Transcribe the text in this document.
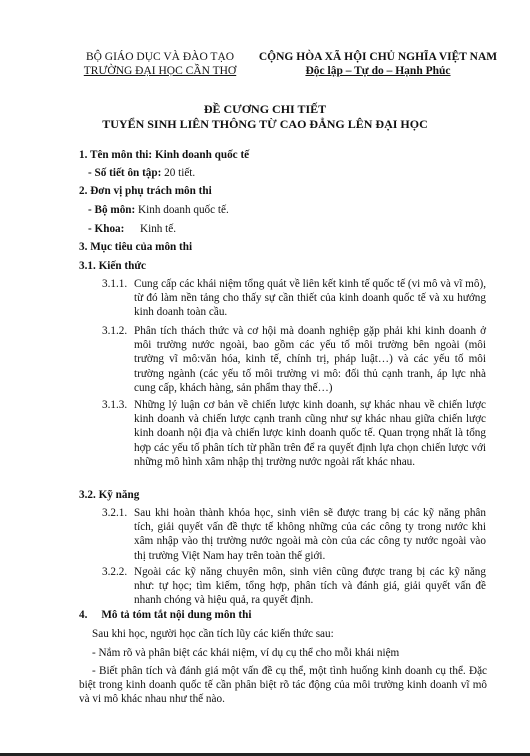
BỘ GIÁO DỤC VÀ ĐÀO TẠO
TRƯỜNG ĐẠI HỌC CẦN THƠ
CỘNG HÒA XÃ HỘI CHỦ NGHĨA VIỆT NAM
Độc lập – Tự do – Hạnh Phúc
ĐỀ CƯƠNG CHI TIẾT
TUYỂN SINH LIÊN THÔNG TỪ CAO ĐẲNG LÊN ĐẠI HỌC
1. Tên môn thi: Kinh doanh quốc tế
- Số tiết ôn tập: 20 tiết.
2. Đơn vị phụ trách môn thi
- Bộ môn: Kinh doanh quốc tế.
- Khoa: Kinh tế.
3. Mục tiêu của môn thi
3.1. Kiến thức
3.1.1. Cung cấp các khái niệm tổng quát về liên kết kinh tế quốc tế (vi mô và vĩ mô), từ đó làm nền tảng cho thấy sự cần thiết của kinh doanh quốc tế và xu hướng kinh doanh toàn cầu.
3.1.2. Phân tích thách thức và cơ hội mà doanh nghiệp gặp phải khi kinh doanh ở môi trường nước ngoài, bao gồm các yếu tố môi trường bên ngoài (môi trường vĩ mô:văn hóa, kinh tế, chính trị, pháp luật…) và các yếu tố môi trường ngành (các yếu tố môi trường vi mô: đối thủ cạnh tranh, áp lực nhà cung cấp, khách hàng, sản phẩm thay thế…)
3.1.3. Những lý luận cơ bản về chiến lược kinh doanh, sự khác nhau về chiến lược kinh doanh và chiến lược cạnh tranh cũng như sự khác nhau giữa chiến lược kinh doanh nội địa và chiến lược kinh doanh quốc tế. Quan trọng nhất là tổng hợp các yếu tố phân tích từ phần trên để ra quyết định lựa chọn chiến lược với những mô hình xâm nhập thị trường nước ngoài rất khác nhau.
3.2. Kỹ năng
3.2.1. Sau khi hoàn thành khóa học, sinh viên sẽ được trang bị các kỹ năng phân tích, giải quyết vấn đề thực tế không những của các công ty trong nước khi xâm nhập vào thị trường nước ngoài mà còn của các công ty nước ngoài vào thị trường Việt Nam hay trên toàn thế giới.
3.2.2. Ngoài các kỹ năng chuyên môn, sinh viên cũng được trang bị các kỹ năng như: tự học; tìm kiếm, tổng hợp, phân tích và đánh giá, giải quyết vấn đề nhanh chóng và hiệu quả, ra quyết định.
4.     Mô tả tóm tắt nội dung môn thi
Sau khi học, người học cần tích lũy các kiến thức sau:
- Nắm rõ và phân biệt các khái niệm, ví dụ cụ thể cho mỗi khái niệm
- Biết phân tích và đánh giá một vấn đề cụ thể, một tình huống kinh doanh cụ thể. Đặc biệt trong kinh doanh quốc tế cần phân biệt rõ tác động của môi trường kinh doanh vĩ mô và vi mô khác nhau như thế nào.
